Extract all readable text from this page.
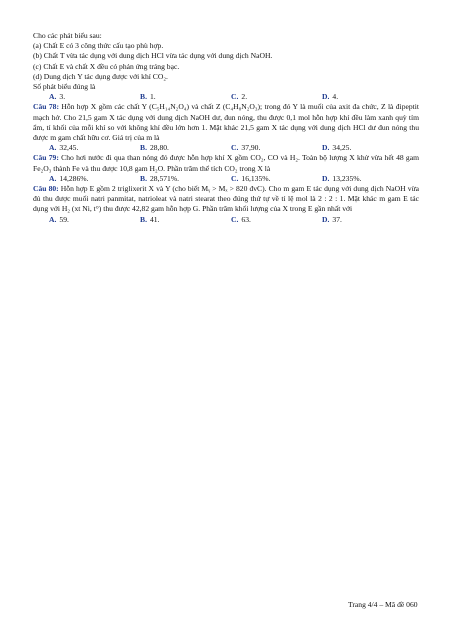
Cho các phát biểu sau:
(a) Chất E có 3 công thức cấu tạo phù hợp.
(b) Chất T vừa tác dụng với dung dịch HCl vừa tác dụng với dung dịch NaOH.
(c) Chất E và chất X đều có phản ứng tráng bạc.
(d) Dung dịch Y tác dụng được với khí CO₂.
Số phát biểu đúng là
A. 3.	B. 1.	C. 2.	D. 4.
Câu 78: Hỗn hợp X gồm các chất Y (C₅H₁₄N₂O₄) và chất Z (C₄H₈N₂O₃); trong đó Y là muối của axit đa chức, Z là đipeptit mạch hở. Cho 21,5 gam X tác dụng với dung dịch NaOH dư, đun nóng, thu được 0,1 mol hỗn hợp khí đều làm xanh quỳ tím ẩm, tỉ khối của mỗi khí so với không khí đều lớn hơn 1. Mặt khác 21,5 gam X tác dụng với dung dịch HCl dư đun nóng thu được m gam chất hữu cơ. Giá trị của m là
A. 32,45.	B. 28,80.	C. 37,90.	D. 34,25.
Câu 79: Cho hơi nước đi qua than nóng đỏ được hỗn hợp khí X gồm CO₂, CO và H₂. Toàn bộ lượng X khử vừa hết 48 gam Fe₂O₃ thành Fe và thu được 10,8 gam H₂O. Phần trăm thể tích CO₂ trong X là
A. 14,286%.	B. 28,571%.	C. 16,135%.	D. 13,235%.
Câu 80: Hỗn hợp E gồm 2 triglixerit X và Y (cho biết Mᵧ > Mₓ > 820 đvC). Cho m gam E tác dụng với dung dịch NaOH vừa đủ thu được muối natri panmitat, natrioleat và natri stearat theo đúng thứ tự về tỉ lệ mol là 2 : 2 : 1. Mặt khác m gam E tác dụng với H₂ (xt Ni, t°) thu được 42,82 gam hỗn hợp G. Phần trăm khối lượng của X trong E gần nhất với
A. 59.	B. 41.	C. 63.	D. 37.
Trang 4/4 – Mã đề 060
